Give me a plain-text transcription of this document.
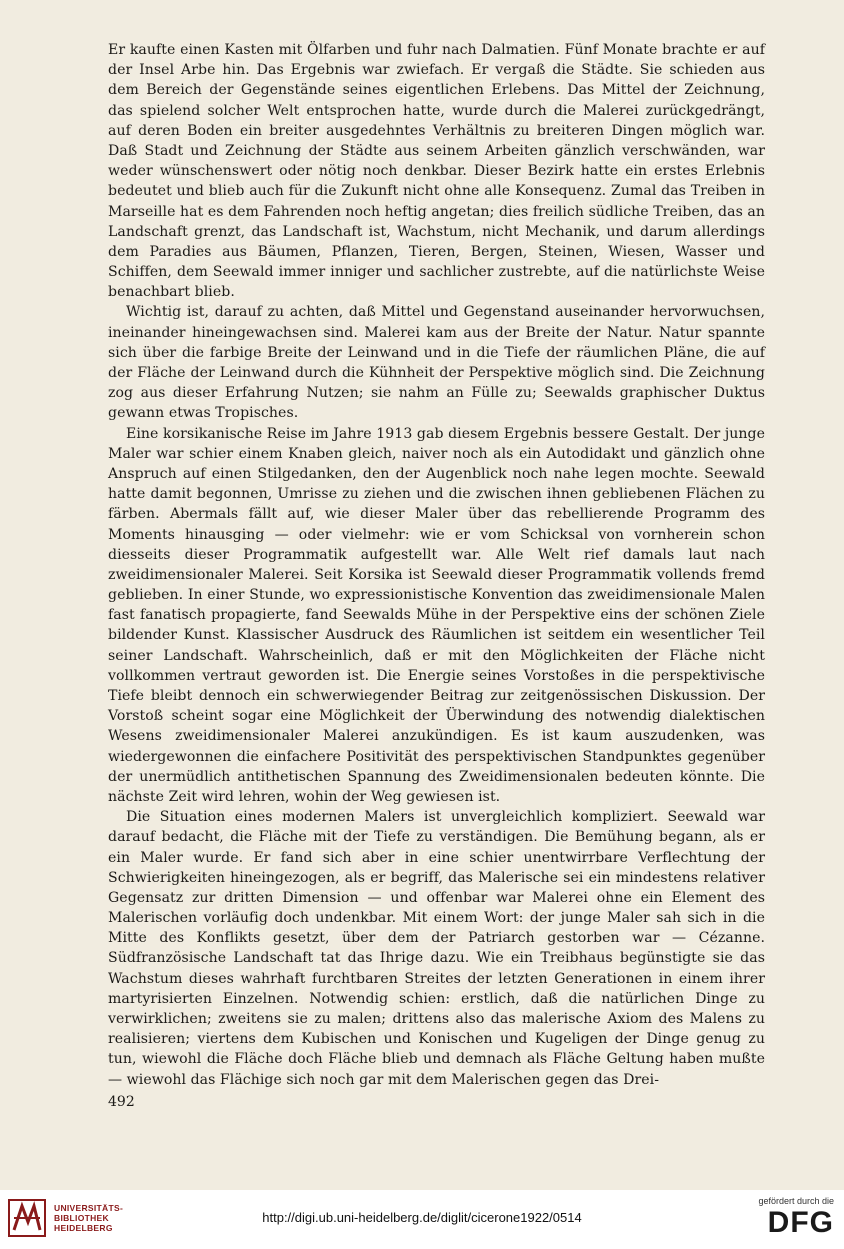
Er kaufte einen Kasten mit Ölfarben und fuhr nach Dalmatien. Fünf Monate brachte er auf der Insel Arbe hin. Das Ergebnis war zwiefach. Er vergaß die Städte. Sie schieden aus dem Bereich der Gegenstände seines eigentlichen Erlebens. Das Mittel der Zeichnung, das spielend solcher Welt entsprochen hatte, wurde durch die Malerei zurückgedrängt, auf deren Boden ein breiter ausgedehntes Verhältnis zu breiteren Dingen möglich war. Daß Stadt und Zeichnung der Städte aus seinem Arbeiten gänzlich verschwänden, war weder wünschenswert oder nötig noch denkbar. Dieser Bezirk hatte ein erstes Erlebnis bedeutet und blieb auch für die Zukunft nicht ohne alle Konsequenz. Zumal das Treiben in Marseille hat es dem Fahrenden noch heftig angetan; dies freilich südliche Treiben, das an Landschaft grenzt, das Landschaft ist, Wachstum, nicht Mechanik, und darum allerdings dem Paradies aus Bäumen, Pflanzen, Tieren, Bergen, Steinen, Wiesen, Wasser und Schiffen, dem Seewald immer inniger und sachlicher zustrebte, auf die natürlichste Weise benachbart blieb.

Wichtig ist, darauf zu achten, daß Mittel und Gegenstand auseinander hervorwuchsen, ineinander hineingewachsen sind. Malerei kam aus der Breite der Natur. Natur spannte sich über die farbige Breite der Leinwand und in die Tiefe der räumlichen Pläne, die auf der Fläche der Leinwand durch die Kühnheit der Perspektive möglich sind. Die Zeichnung zog aus dieser Erfahrung Nutzen; sie nahm an Fülle zu; Seewalds graphischer Duktus gewann etwas Tropisches.

Eine korsikanische Reise im Jahre 1913 gab diesem Ergebnis bessere Gestalt. Der junge Maler war schier einem Knaben gleich, naiver noch als ein Autodidakt und gänzlich ohne Anspruch auf einen Stilgedanken, den der Augenblick noch nahe legen mochte. Seewald hatte damit begonnen, Umrisse zu ziehen und die zwischen ihnen gebliebenen Flächen zu färben. Abermals fällt auf, wie dieser Maler über das rebellierende Programm des Moments hinausging — oder vielmehr: wie er vom Schicksal von vornherein schon diesseits dieser Programmatik aufgestellt war. Alle Welt rief damals laut nach zweidimensionaler Malerei. Seit Korsika ist Seewald dieser Programmatik vollends fremd geblieben. In einer Stunde, wo expressionistische Konvention das zweidimensionale Malen fast fanatisch propagierte, fand Seewalds Mühe in der Perspektive eins der schönen Ziele bildender Kunst. Klassischer Ausdruck des Räumlichen ist seitdem ein wesentlicher Teil seiner Landschaft. Wahrscheinlich, daß er mit den Möglichkeiten der Fläche nicht vollkommen vertraut geworden ist. Die Energie seines Vorstoßes in die perspektivische Tiefe bleibt dennoch ein schwerwiegender Beitrag zur zeitgenössischen Diskussion. Der Vorstoß scheint sogar eine Möglichkeit der Überwindung des notwendig dialektischen Wesens zweidimensionaler Malerei anzukündigen. Es ist kaum auszudenken, was wiedergewonnen die einfachere Positivität des perspektivischen Standpunktes gegenüber der unermüdlich antithetischen Spannung des Zweidimensionalen bedeuten könnte. Die nächste Zeit wird lehren, wohin der Weg gewiesen ist.

Die Situation eines modernen Malers ist unvergleichlich kompliziert. Seewald war darauf bedacht, die Fläche mit der Tiefe zu verständigen. Die Bemühung begann, als er ein Maler wurde. Er fand sich aber in eine schier unentwirrbare Verflechtung der Schwierigkeiten hineingezogen, als er begriff, das Malerische sei ein mindestens relativer Gegensatz zur dritten Dimension — und offenbar war Malerei ohne ein Element des Malerischen vorläufig doch undenkbar. Mit einem Wort: der junge Maler sah sich in die Mitte des Konflikts gesetzt, über dem der Patriarch gestorben war — Cézanne. Südfranzösische Landschaft tat das Ihrige dazu. Wie ein Treibhaus begünstigte sie das Wachstum dieses wahrhaft furchtbaren Streites der letzten Generationen in einem ihrer martyrisierten Einzelnen. Notwendig schien: erstlich, daß die natürlichen Dinge zu verwirklichen; zweitens sie zu malen; drittens also das malerische Axiom des Malens zu realisieren; viertens dem Kubischen und Konischen und Kugeligen der Dinge genug zu tun, wiewohl die Fläche doch Fläche blieb und demnach als Fläche Geltung haben mußte — wiewohl das Flächige sich noch gar mit dem Malerischen gegen das Drei-

492
UNIVERSITÄTS-
BIBLIOTHEK
HEIDELBERG
http://digi.ub.uni-heidelberg.de/diglit/cicerone1922/0514
gefördert durch die
DFG
